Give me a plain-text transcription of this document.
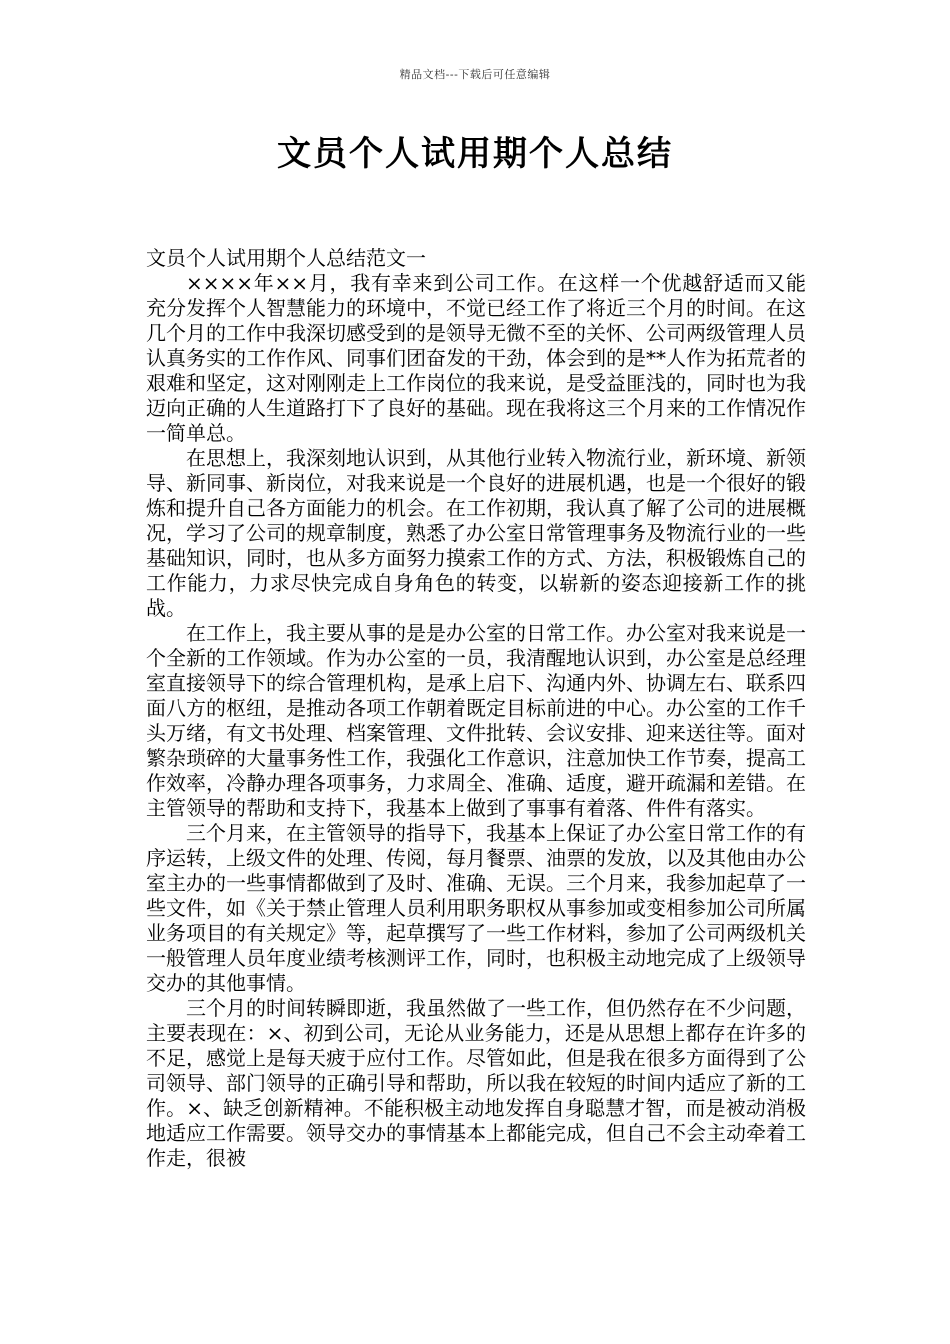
精品文档---下载后可任意编辑
文员个人试用期个人总结

文员个人试用期个人总结范文一

××××年××月，我有幸来到公司工作。在这样一个优越舒适而又能充分发挥个人智慧能力的环境中，不觉已经工作了将近三个月的时间。在这几个月的工作中我深切感受到的是领导无微不至的关怀、公司两级管理人员认真务实的工作作风、同事们团奋发的干劲，体会到的是**人作为拓荒者的艰难和坚定，这对刚刚走上工作岗位的我来说，是受益匪浅的，同时也为我迈向正确的人生道路打下了良好的基础。现在我将这三个月来的工作情况作一简单总。

在思想上，我深刻地认识到，从其他行业转入物流行业，新环境、新领导、新同事、新岗位，对我来说是一个良好的进展机遇，也是一个很好的锻炼和提升自己各方面能力的机会。在工作初期，我认真了解了公司的进展概况，学习了公司的规章制度，熟悉了办公室日常管理事务及物流行业的一些基础知识，同时，也从多方面努力摸索工作的方式、方法，积极锻炼自己的工作能力，力求尽快完成自身角色的转变，以崭新的姿态迎接新工作的挑战。

在工作上，我主要从事的是是办公室的日常工作。办公室对我来说是一个全新的工作领域。作为办公室的一员，我清醒地认识到，办公室是总经理室直接领导下的综合管理机构，是承上启下、沟通内外、协调左右、联系四面八方的枢纽，是推动各项工作朝着既定目标前进的中心。办公室的工作千头万绪，有文书处理、档案管理、文件批转、会议安排、迎来送往等。面对繁杂琐碎的大量事务性工作，我强化工作意识，注意加快工作节奏，提高工作效率，冷静办理各项事务，力求周全、准确、适度，避开疏漏和差错。在主管领导的帮助和支持下，我基本上做到了事事有着落、件件有落实。

三个月来，在主管领导的指导下，我基本上保证了办公室日常工作的有序运转，上级文件的处理、传阅，每月餐票、油票的发放，以及其他由办公室主办的一些事情都做到了及时、准确、无误。三个月来，我参加起草了一些文件，如《关于禁止管理人员利用职务职权从事参加或变相参加公司所属业务项目的有关规定》等，起草撰写了一些工作材料，参加了公司两级机关一般管理人员年度业绩考核测评工作，同时，也积极主动地完成了上级领导交办的其他事情。

三个月的时间转瞬即逝，我虽然做了一些工作，但仍然存在不少问题，主要表现在：×、初到公司，无论从业务能力，还是从思想上都存在许多的不足，感觉上是每天疲于应付工作。尽管如此，但是我在很多方面得到了公司领导、部门领导的正确引导和帮助，所以我在较短的时间内适应了新的工作。×、缺乏创新精神。不能积极主动地发挥自身聪慧才智，而是被动消极地适应工作需要。领导交办的事情基本上都能完成，但自己不会主动牵着工作走，很被
